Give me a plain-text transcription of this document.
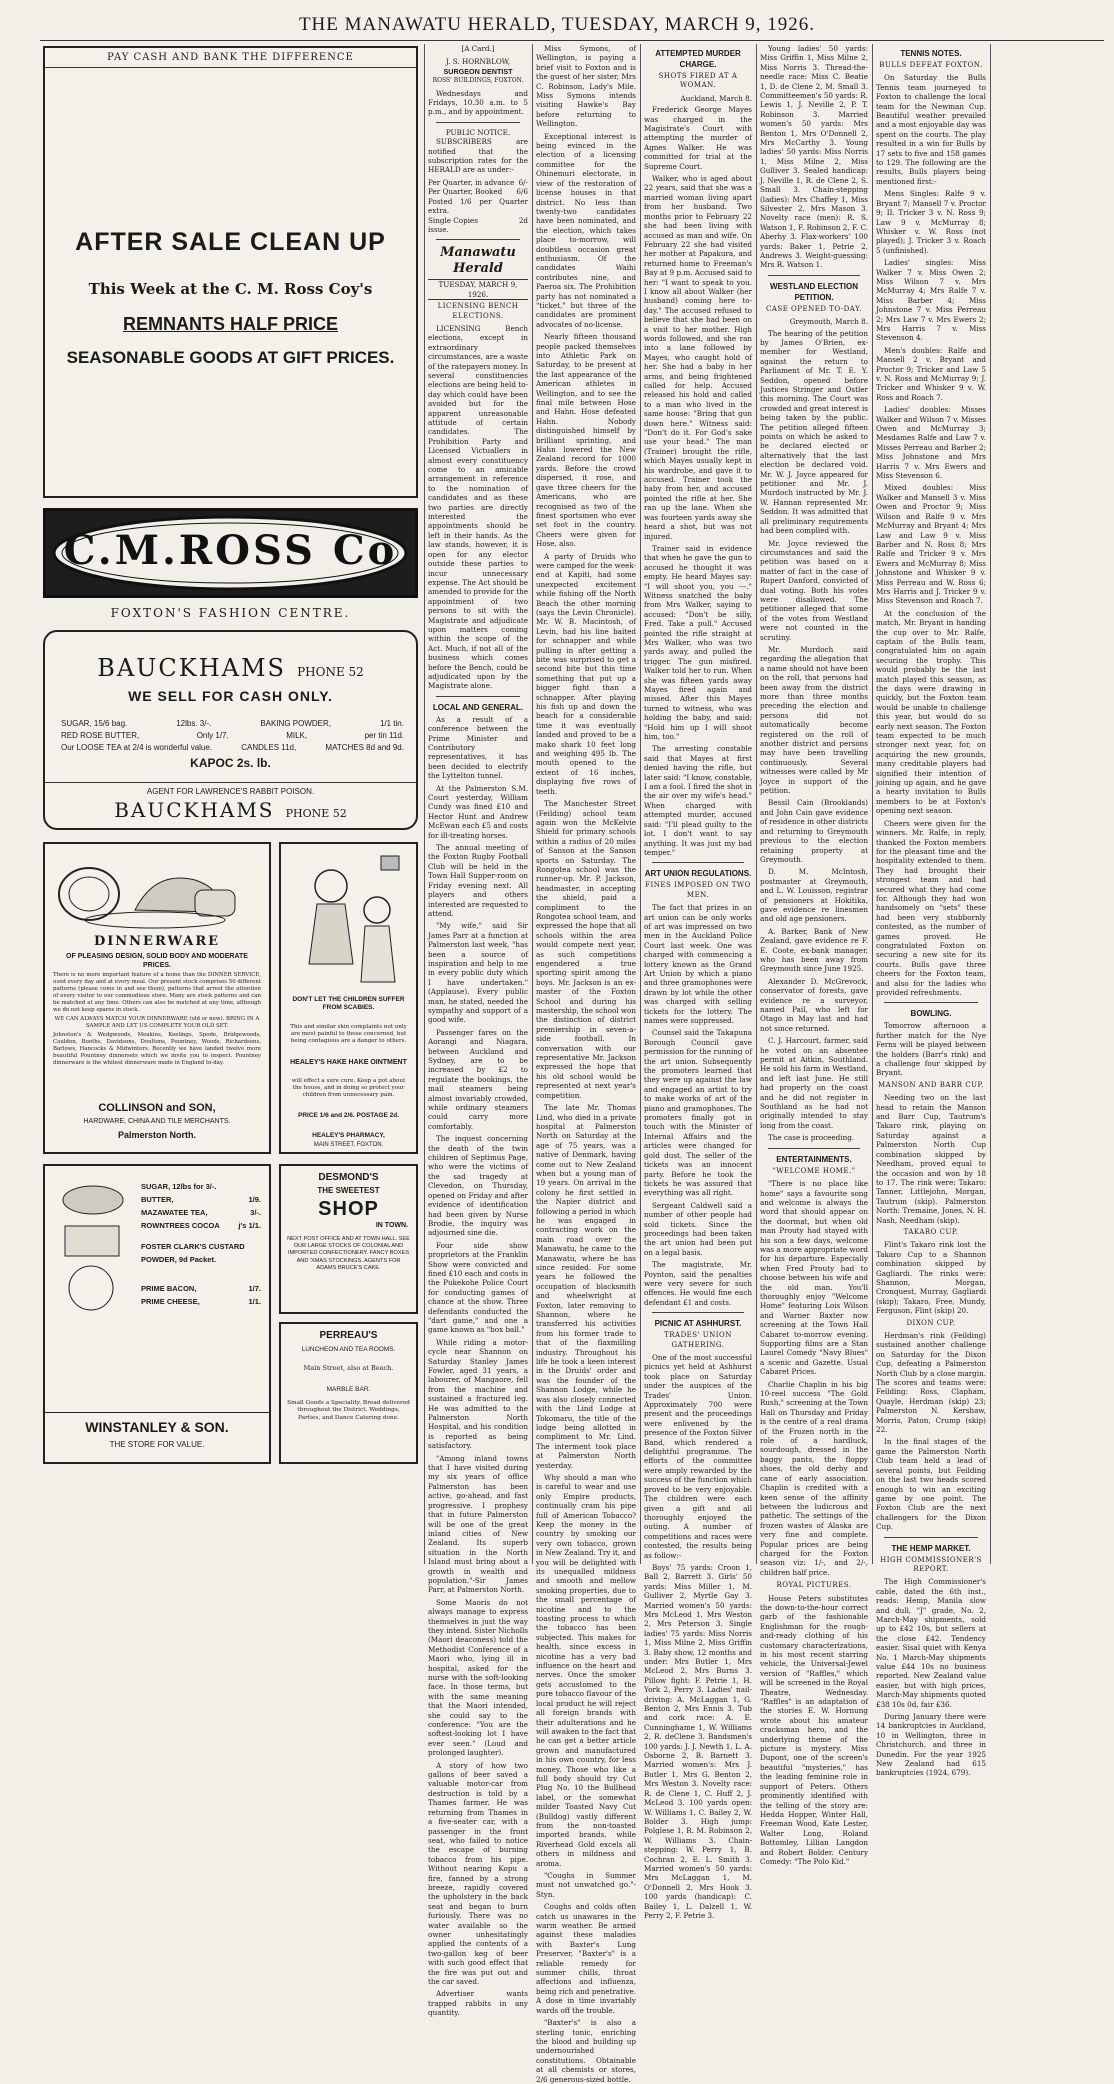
THE MANAWATU HERALD, TUESDAY, MARCH 9, 1926.
PAY CASH AND BANK THE DIFFERENCE
AFTER SALE CLEAN UP
This Week at the C. M. Ross Coy's
REMNANTS HALF PRICE
SEASONABLE GOODS AT GIFT PRICES.
C.M.ROSS Co
FOXTON'S FASHION CENTRE.
BAUCKHAMS PHONE 52
WE SELL FOR CASH ONLY.
SUGAR, 15/6 bag.	12lbs. 3/-.	BAKING POWDER,	1/1 tin.
RED ROSE BUTTER,	Only 1/7.	MILK,	per tin 11d.
Our LOOSE TEA at 2/4 is wonderful value.	CANDLES 11d,	MATCHES 8d and 9d.
KAPOC 2s. lb.
AGENT FOR LAWRENCE'S RABBIT POISON.
BAUCKHAMS PHONE 52
DINNERWARE
OF PLEASING DESIGN, SOLID BODY AND MODERATE PRICES.
There is no more important feature of a home than the DINNER SERVICE, used every day and at every meal. Our present stock comprises 50 different patterns (please come in and see them), patterns that arrest the attention of every visitor to our commodious store. Many are stock patterns and can be matched at any time. Others can also be matched at any time, although we do not keep spares in stock.
WE CAN ALWAYS MATCH YOUR DINNERWARE (old or new). BRING IN A SAMPLE AND LET US COMPLETE YOUR OLD SET.
Johnston's & Wedgwoods, Meakins, Keelings, Spode, Bridgewoods, Cauldon, Booths, Davidsons, Doultons, Pountney, Woods, Richardsons, Barlows, Hancocks & Midwinters. Recently we have landed twelve more beautiful Pountney dinnersets which we invite you to inspect. Pountney dinnerware is the whitest dinnerware made in England to-day.
COLLINSON and SON,
HARDWARE, CHINA AND TILE MERCHANTS.
Palmerston North.
DON'T LET THE CHILDREN SUFFER FROM SCABIES.
This and similar skin complaints not only are most painful to those concerned, but being contagious are a danger to others.
HEALEY'S HAKE HAKE OINTMENT
will effect a sure cure. Keep a pot about the house, and in doing so protect your children from unnecessary pain.
PRICE 1/6 and 2/6. POSTAGE 2d.
HEALEY'S PHARMACY,
MAIN STREET, FOXTON.
SUGAR, 12lbs for 3/-.
BUTTER,	1/9.
MAZAWATEE TEA,	3/-.
ROWNTREES COCOA j's 1/1.
FOSTER CLARK'S CUSTARD POWDER, 9d Packet.
PRIME BACON,	1/7.
PRIME CHEESE,	1/1.
WINSTANLEY & SON.
THE STORE FOR VALUE.
DESMOND'S
THE SWEETEST
SHOP
IN TOWN.
NEXT POST OFFICE AND AT TOWN HALL. SEE OUR LARGE STOCKS OF COLONIAL AND IMPORTED CONFECTIONERY. FANCY BOXES AND 'XMAS STOCKINGS. AGENTS FOR ADAMS BRUCE'S CAKE.
PERREAU'S
LUNCHEON AND TEA ROOMS.
Main Street, also at Beach.
MARBLE BAR.
Small Goods a Speciality. Bread delivered throughout the District. Weddings, Parties, and Dance Catering done.
[A Card.]
J. S. HORNBLOW,
SURGEON DENTIST
ROSS' BUILDINGS, FOXTON.
Wednesdays and Fridays, 10.30 a.m. to 5 p.m., and by appointment.
PUBLIC NOTICE.
SUBSCRIBERS are notified that the subscription rates for the HERALD are as under:-
Per Quarter, in advance 6/-
Per Quarter, Booked 6/6
Posted 1/6 per Quarter extra.
Single Copies	2d
issue.
Manawatu Herald
TUESDAY, MARCH 9, 1926.
LICENSING BENCH ELECTIONS.
LICENSING Bench elections, except in extraordinary circumstances, are a waste of the ratepayers money. In several constituencies elections are being held to-day which could have been avoided but for the apparent unreasonable attitude of certain candidates. The Prohibition Party and Licensed Victuallers in almost every constituency come to an amicable arrangement in reference to the nomination of candidates and as these two parties are directly interested the appointments should be left in their hands. As the law stands, however, it is open for any elector outside these parties to incur unnecessary expense. The Act should be amended to provide for the appointment of two persons to sit with the Magistrate and adjudicate upon matters coming within the scope of the Act. Much, if not all of the business which comes before the Bench, could be adjudicated upon by the Magistrate alone.
LOCAL AND GENERAL.
As a result of a conference between the Prime Minister and Contributory representatives, it has been decided to electrify the Lyttelton tunnel.
At the Palmerston S.M. Court yesterday, William Cundy was fined £10 and Hector Hunt and Andrew McEwan each £5 and costs for ill-treating horses.
The annual meeting of the Foxton Rugby Football Club will be held in the Town Hall Supper-room on Friday evening next. All players and others interested are requested to attend.
"My wife," said Sir James Parr at a function at Palmerston last week, "has been a source of inspiration and help to me in every public duty which I have undertaken." (Applause). Every public man, he stated, needed the sympathy and support of a good wife.
Passenger fares on the Aorangi and Niagara, between Auckland and Sydney, are to be increased by £2 to regulate the bookings, the mail steamers being almost invariably crowded, while ordinary steamers could carry more comfortably.
The inquest concerning the death of the twin children of Septimus Page, who were the victims of the sad tragedy at Clevedon, on Thursday, opened on Friday and after evidence of identification had been given by Nurse Brodie, the inquiry was adjourned sine die.
Four side show proprietors at the Franklin Show were convicted and fined £10 each and costs in the Pukekohe Police Court for conducting games of chance at the show. Three defendants conducted the "dart game," and one a game known as "box ball."
While riding a motor-cycle near Shannon on Saturday Stanley James Fowler, aged 31 years, a labourer, of Mangaore, fell from the machine and sustained a fractured leg. He was admitted to the Palmerston North Hospital, and his condition is reported as being satisfactory.
"Among inland towns that I have visited during my six years of office Palmerston has been active, go-ahead, and fast progressive. I prophesy that in future Palmerston will be one of the great inland cities of New Zealand. Its superb situation in the North Island must bring about a growth in wealth and population."-Sir James Parr, at Palmerston North.
Some Maoris do not always manage to express themselves in just the way they intend. Sister Nicholls (Maori deaconess) told the Methodist Conference of a Maori who, lying ill in hospital, asked for the nurse with the soft-looking face. In those terms, but with the same meaning that the Maori intended, she could say to the conference: "You are the softest-looking lot I have ever seen." (Loud and prolonged laughter).
A story of how two gallons of beer saved a valuable motor-car from destruction is told by a Thames farmer. He was returning from Thames in a five-seater car, with a passenger in the front seat, who failed to notice the escape of burning tobacco from his pipe. Without nearing Kopu a fire, fanned by a strong breeze, rapidly covered the upholstery in the back seat and began to burn furiously. There was no water available so the owner unhesitatingly applied the contents of a two-gallon keg of beer with such good effect that the fire was put out and the car saved.
Advertiser wants trapped rabbits in any quantity.
Miss Symons, of Wellington, is paying a brief visit to Foxton and is the guest of her sister, Mrs C. Robinson, Lady's Mile. Miss Symons intends visiting Hawke's Bay before returning to Wellington.
Exceptional interest is being evinced in the election of a licensing committee for the Ohinemuri electorate, in view of the restoration of license houses in that district. No less than twenty-two candidates have been nominated, and the election, which takes place to-morrow, will doubtless occasion great enthusiasm. Of the candidates Waihi contributes nine, and Paeroa six. The Prohibition party has not nominated a "ticket," but three of the candidates are prominent advocates of no-license.
Nearly fifteen thousand people packed themselves into Athletic Park on Saturday, to be present at the last appearance of the American athletes in Wellington, and to see the final mile between Hose and Hahn. Hose defeated Hahn. Nobody distinguished himself by brilliant sprinting, and Hahn lowered the New Zealand record for 1000 yards. Before the crowd dispersed, it rose, and gave three cheers for the Americans, who are recognised as two of the finest sportsmen who ever set foot in the country. Cheers were given for Hose, also.
A party of Druids who were camped for the week-end at Kapiti, had some unexpected excitement while fishing off the North Beach the other morning (says the Levin Chronicle). Mr. W. B. Macintosh, of Levin, had his line baited for schnapper and while pulling in after getting a bite was surprised to get a second bite but this time something that put up a bigger fight than a schnapper. After playing his fish up and down the beach for a considerable time it was eventually landed and proved to be a mako shark 10 feet long and weighing 495 lb. The mouth opened to the extent of 16 inches, displaying five rows of teeth.
The Manchester Street (Feilding) school team again won the McKelvie Shield for primary schools within a radius of 20 miles of Sanson at the Sanson sports on Saturday. The Rongotea school was the runner-up. Mr. P. Jackson, headmaster, in accepting the shield, paid a compliment to the Rongotea school team, and expressed the hope that all schools within the area would compete next year, as such competitions engendered a true sporting spirit among the boys. Mr. Jackson is an ex-master of the Foxton School and during his mastership, the school won the distinction of district premiership in seven-a-side football. In conversation with our representative Mr. Jackson expressed the hope that his old school would be represented at next year's competition.
The late Mr. Thomas Lind, who died in a private hospital at Palmerston North on Saturday at the age of 75 years, was a native of Denmark, having come out to New Zealand when but a young man of 19 years. On arrival in the colony he first settled in the Napier district and following a period in which he was engaged in contracting work on the main road over the Manawatu, he came to the Manawatu, where he has since resided. For some years he followed the occupation of blacksmith and wheelwright at Foxton, later removing to Shannon, where he transferred his activities from his former trade to that of the flaxmilling industry. Throughout his life he took a keen interest in the Druids' order and was the founder of the Shannon Lodge, while he was also closely connected with the Lind Lodge at Tokomaru, the title of the lodge being allotted in compliment to Mr. Lind. The interment took place at Palmerston North yesterday.
Why should a man who is careful to wear and use only Empire products, continually cram his pipe full of American Tobacco? Keep the money in the country by smoking our very own tobacco, grown in New Zealand. Try it, and you will be delighted with its unequalled mildness and smooth and mellow smoking properties, due to the small percentage of nicotine and to the toasting process to which the tobacco has been subjected. This makes for health, since excess in nicotine has a very bad influence on the heart and nerves. Once the smoker gets accustomed to the pure tobacco flavour of the local product he will reject all foreign brands with their adulterations and he will awaken to the fact that he can get a better article grown and manufactured in his own country, for less money. Those who like a full body should try Cut Plug No. 10 the Bullhead label, or the somewhat milder Toasted Navy Cut (Bulldog) vastly different from the non-toasted imported brands, while Riverhead Gold excels all others in mildness and aroma.
"Coughs in Summer must not unwatched go."-Styn.
Coughs and colds often catch us unawares in the warm weather. Be armed against these maladies with Baxter's Lung Preserver, "Baxter's" is a reliable remedy for summer chills, throat affections and influenza, being rich and penetrative. A dose in time invariably wards off the trouble.
"Baxter's" is also a sterling tonic, enriching the blood and building up undernourished constitutions. Obtainable at all chemists or stores, 2/6 generous-sized bottle.
ATTEMPTED MURDER CHARGE.
SHOTS FIRED AT A WOMAN.
Auckland, March 8.
Frederick George Mayes was charged in the Magistrate's Court with attempting the murder of Agnes Walker. He was committed for trial at the Supreme Court.
Walker, who is aged about 22 years, said that she was a married woman living apart from her husband. Two months prior to February 22 she had been living with accused as man and wife. On February 22 she had visited her mother at Papakura, and returned home to Freeman's Bay at 9 p.m. Accused said to her: "I want to speak to you. I know all about Walker (her husband) coming here to-day." The accused refused to believe that she had been on a visit to her mother. High words followed, and she ran into a lane followed by Mayes, who caught hold of her. She had a baby in her arms, and being frightened called for help. Accused released his hold and called to a man who lived in the same house: "Bring that gun down here." Witness said: "Don't do it. For God's sake use your head." The man (Trainer) brought the rifle, which Mayes usually kept in his wardrobe, and gave it to accused. Trainer took the baby from her, and accused pointed the rifle at her. She ran up the lane. When she was fourteen yards away she heard a shot, but was not injured.
Trainer said in evidence that when he gave the gun to accused he thought it was empty. He heard Mayes say: "I will shoot you, you ---." Witness snatched the baby from Mrs Walker, saying to accused: "Don't be silly, Fred. Take a pull." Accused pointed the rifle straight at Mrs Walker, who was two yards away, and pulled the trigger. The gun misfired. Walker told her to run. When she was fifteen yards away Mayes fired again and missed. After this Mayes turned to witness, who was holding the baby, and said: "Hold him up I will shoot him, too."
The arresting constable said that Mayes at first denied having the rifle, but later said: "I know, constable, I am a fool. I fired the shot in the air over my wife's head." When charged with attempted murder, accused said: "I'll plead guilty to the lot. I don't want to say anything. It was just my bad temper."
ART UNION REGULATIONS.
FINES IMPOSED ON TWO MEN.
The fact that prizes in an art union can be only works of art was impressed on two men in the Auckland Police Court last week. One was charged with commencing a lottery known as the Grand Art Union by which a piano and three gramophones were drawn by lot while the other was charged with selling tickets for the lottery. The names were suppressed.
Counsel said the Takapuna Borough Council gave permission for the running of the art union. Subsequently the promoters learned that they were up against the law and engaged an artist to try to make works of art of the piano and gramophones. The promoters finally got in touch with the Minister of Internal Affairs and the articles were changed for gold dust. The seller of the tickets was an innocent party. Before he took the tickets he was assured that everything was all right.
Sergeant Caldwell said a number of other people had sold tickets. Since the proceedings had been taken the art union had been put on a legal basis.
The magistrate, Mr. Poynton, said the penalties were very severe for such offences. He would fine each defendant £1 and costs.
PICNIC AT ASHHURST.
TRADES' UNION GATHERING.
One of the most successful picnics yet held at Ashhurst took place on Saturday under the auspices of the Trades' Union. Approximately 700 were present and the proceedings were enlivened by the presence of the Foxton Silver Band, which rendered a delightful programme. The efforts of the committee were amply rewarded by the success of the function which proved to be very enjoyable. The children were each given a gift and all thoroughly enjoyed the outing. A number of competitions and races were contested, the results being as follow:-
Boys' 75 yards: Croon 1, Ball 2, Barrett 3. Girls' 50 yards: Miss Miller 1, M. Gulliver 2, Myrtle Gay 3. Married women's 50 yards: Mrs McLeod 1, Mrs Weston 2, Mrs Peterson 3. Single ladies' 75 yards: Miss Norris 1, Miss Milne 2, Miss Griffin 3. Baby show, 12 months and under: Mrs Butler 1, Mrs McLeod 2, Mrs Burns 3. Pillow fight: F. Petrie 1, H. York 2, Perry 3. Ladies' nail-driving: A. McLaggan 1, G. Benton 2, Mrs Ennis 3. Tub and cork race: A. E. Cunninghame 1, W. Williams 2, R. deClene 3. Bandsmen's 100 yards: J. J. Newth 1, L. A. Osborne 2, B. Barnett 3. Married women's: Mrs J. Butler 1, Mrs G. Benton 2, Mrs Weston 3. Novelty race: R. de Clene 1, C. Huff 2, J. McLeod 3. 100 yards open: W. Williams 1, C. Bailey 2, W. Bolder 3. High jump: Polglese 1, R. M. Robinson 2, W. Williams 3. Chain-stepping: W. Perry 1, B. Cochran 2, E. L. Smith 3. Married women's 50 yards: Mrs McLaggan 1, M. O'Donnell 2, Mrs Hook 3. 100 yards (handicap): C. Bailey 1, L. Dalzell 1, W. Perry 2, F. Petrie 3.
Young ladies' 50 yards: Miss Griffin 1, Miss Milne 2, Miss Norris 3. Thread-the-needle race: Miss C. Beatie 1, D. de Clene 2, M. Small 3. Committeemen's 50 yards: R. Lewis 1, J. Neville 2, P. T. Robinson 3. Married women's 50 yards: Mrs Benton 1, Mrs O'Donnell 2, Mrs McCarthy 3. Young ladies' 50 yards: Miss Norris 1, Miss Milne 2, Miss Gulliver 3. Sealed handicap: J. Neville 1, R. de Clene 2, S. Small 3. Chain-stepping (ladies): Mrs Chaffey 1, Miss Silvester 2, Mrs Mason 3. Novelty race (men): R. S. Watson 1, F. Robinson 2, F. C. Aberhy 3. Flax-workers' 100 yards: Baker 1, Petrie 2, Andrews 3. Weight-guessing: Mrs R. Watson 1.
WESTLAND ELECTION PETITION.
CASE OPENED TO-DAY.
Greymouth, March 8.
The hearing of the petition by James O'Brien, ex-member for Westland, against the return to Parliament of Mr. T. E. Y. Seddon, opened before Justices Stringer and Ostler this morning. The Court was crowded and great interest is being taken by the public. The petition alleged fifteen points on which he asked to be declared elected or alternatively that the last election be declared void. Mr. W. J. Joyce appeared for petitioner and Mr. J. Murdoch instructed by Mr. J. W. Hannan represented Mr. Seddon. It was admitted that all preliminary requirements had been complied with.
Mr. Joyce reviewed the circumstances and said the petition was based on a matter of fact in the case of Rupert Danford, convicted of dual voting. Both his votes were disallowed. The petitioner alleged that some of the votes from Westland were not counted in the scrutiny.
Mr. Murdoch said regarding the allegation that a name should not have been on the roll, that persons had been away from the district more than three months preceding the election and persons did not automatically become registered on the roll of another district and persons may have been travelling continuously. Several witnesses were called by Mr Joyce in support of the petition.
Bessil Cain (Brooklands) and John Cain gave evidence of residence in other districts and returning to Greymouth previous to the election retaining property at Greymouth.
D. M. McIntosh, postmaster at Greymouth, and L. W. Louisson, registrar of pensioners at Hokitika, gave evidence re linesmen and old age pensioners.
A. Barker, Bank of New Zealand, gave evidence re F. E. Coote, ex-bank manager, who has been away from Greymouth since June 1925.
Alexander D. McGrevock, conservator of forests, gave evidence re a surveyor, named Pail, who left for Otago in May last and had not since returned.
C. J. Harcourt, farmer, said he voted on an absentee permit at Aitkin, Southland. He sold his farm in Westland, and left last June. He still had property on the coast and he did not register in Southland as he had not originally intended to stay long from the coast.
The case is proceeding.
ENTERTAINMENTS.
"WELCOME HOME."
"There is no place like home" says a favourite song and welcome is always the word that should appear on the doormat, but when old man Prouty had stayed with his son a few days, welcome was a more appropriate word for his departure. Especially when Fred Prouty had to choose between his wife and the old man. You'll thoroughly enjoy "Welcome Home" featuring Lois Wilson and Warner Baxter now screening at the Town Hall Cabaret to-morrow evening. Supporting films are a Stan Laurel Comedy "Navy Blues" a scenic and Gazette. Usual Cabaret Prices.
Charlie Chaplin in his big 10-reel success "The Gold Rush," screening at the Town Hall on Thursday and Friday is the centre of a real drama of the Frozen north in the role of a hardluck, sourdough, dressed in the baggy pants, the floppy shoes, the old derby and cane of early association. Chaplin is credited with a keen sense of the affinity between the ludicrous and pathetic. The settings of the frozen wastes of Alaska are very fine and complete. Popular prices are being charged for the Foxton season viz: 1/-, and 2/-, children half price.
ROYAL PICTURES.
House Peters substitutes the down-to-the-hour correct garb of the fashionable Englishman for the rough-and-ready clothing of his customary characterizations, in his most recent starring vehicle, the Universal-Jewel version of "Raffles," which will be screened in the Royal Theatre, Wednesday. "Raffles" is an adaptation of the stories E. W. Hornung wrote about his amateur cracksman hero, and the underlying theme of the picture is mystery. Miss Dupont, one of the screen's beautiful "mysteries," has the leading feminine role in support of Peters. Others prominently identified with the telling of the story are: Hedda Hopper, Winter Hall, Freeman Wood, Kate Lester, Walter Long, Roland Bottomley, Lillian Langdon and Robert Bolder. Century Comedy: "The Polo Kid."
TENNIS NOTES.
BULLS DEFEAT FOXTON.
On Saturday the Bulls Tennis team journeyed to Foxton to challenge the local team for the Newman Cup. Beautiful weather prevailed and a most enjoyable day was spent on the courts. The play resulted in a win for Bulls by 17 sets to five and 158 games to 129. The following are the results, Bulls players being mentioned first:-
Mens Singles: Ralfe 9 v. Bryant 7; Mansell 7 v. Proctor 9; II. Tricker 3 v. N. Ross 9; Law 9 v. McMurray 8; Whisker v. W. Ross (not played); J. Tricker 3 v. Roach 5 (unfinished).
Ladies' singles: Miss Walker 7 v. Miss Owen 2; Miss Wilson 7 v. Mrs McMurray 4; Mrs Ralfe 7 v. Miss Barber 4; Miss Johnstone 7 v. Miss Perreau 2; Mrs Law 7 v. Mrs Ewers 2; Mrs Harris 7 v. Miss Stevenson 4.
Men's doubles: Ralfe and Mansell 2 v. Bryant and Proctor 9; Tricker and Law 5 v. N. Ross and McMurray 9; J. Tricker and Whisker 9 v. W. Ross and Roach 7.
Ladies' doubles: Misses Walker and Wilson 7 v. Misses Owen and McMurray 3; Mesdames Ralfe and Law 7 v. Misses Perreau and Barber 2; Miss Johnstone and Mrs Harris 7 v. Mrs Ewers and Miss Stevenson 6.
Mixed doubles: Miss Walker and Mansell 3 v. Miss Owen and Proctor 9; Miss Wilson and Ralfe 9 v. Mrs McMurray and Bryant 4; Mrs Law and Law 9 v. Miss Barber and N. Ross 8; Mrs Ralfe and Tricker 9 v. Mrs Ewers and McMurray 8; Miss Johnstone and Whisker 9 v. Miss Perreau and W. Ross 6; Mrs Harris and J. Tricker 9 v. Miss Stevenson and Roach 7.
At the conclusion of the match, Mr. Bryant in handing the cup over to Mr. Ralfe, captain of the Bulls team, congratulated him on again securing the trophy. This would probably be the last match played this season, as the days were drawing in quickly, but the Foxton team would be unable to challenge this year, but would do so early next season. The Foxton team expected to be much stronger next year, for, on acquiring the new grounds, many creditable players had signified their intention of joining up again, and he gave a hearty invitation to Bulls members to be at Foxton's opening next season.
Cheers were given for the winners. Mr. Ralfe, in reply, thanked the Foxton members for the pleasant time and the hospitality extended to them. They had brought their strongest team and had secured what they had come for. Although they had won handsomely on "sets" these had been very stubbornly contested, as the number of games proved. He congratulated Foxton on securing a new site for its courts. Bulls gave three cheers for the Foxton team, and also for the ladies who provided refreshments.
BOWLING.
Tomorrow afternoon a further match for the Nye Ferns will be played between the holders (Barr's rink) and a challenge four skipped by Bryant.
MANSON AND BARR CUP.
Needing two on the last head to retain the Manson and Barr Cup, Tautrum's Takaro rink, playing on Saturday against a Palmerston North Cup combination skipped by Needham, proved equal to the occasion and won by 18 to 17. The rink were: Takaro: Tanner, Littlejohn, Morgan, Tautrum (skip). Palmerston North: Tremaine, Jones, N. H. Nash, Needham (skip).
TAKARO CUP.
Flint's Takaro rink lost the Takaro Cup to a Shannon combination skipped by Gagliardi. The rinks were: Shannon, Morgan, Cronquest, Murray, Gagliardi (skip); Takaro, Free, Mundy, Ferguson, Flint (skip) 20.
DIXON CUP.
Herdman's rink (Feilding) sustained another challenge on Saturday for the Dixon Cup, defeating a Palmerston North Club by a close margin. The scores and teams were: Feilding: Ross, Clapham, Quayle, Herdman (skip) 23; Palmerston N. Kershaw, Morris, Paton, Crump (skip) 22.
In the final stages of the game the Palmerston North Club team held a lead of several points, but Feilding on the last two heads scored enough to win an exciting game by one point. The Foxton Club are the next challengers for the Dixon Cup.
THE HEMP MARKET.
HIGH COMMISSIONER'S REPORT.
The High Commissioner's cable, dated the 6th inst., reads: Hemp, Manila slow and dull, "J" grade, No. 2, March-May shipments, sold up to £42 10s, but sellers at the close £42. Tendency easier. Sisal quiet with Kenya No. 1 March-May shipments value £44 10s no business reported. New Zealand value easier, but with high prices, March-May shipments quoted £38 10s 0d, fair £36.
During January there were 14 bankruptcies in Auckland, 10 in Wellington, three in Christchurch, and three in Dunedin. For the year 1925 New Zealand had 615 bankruptcies (1924, 679).
